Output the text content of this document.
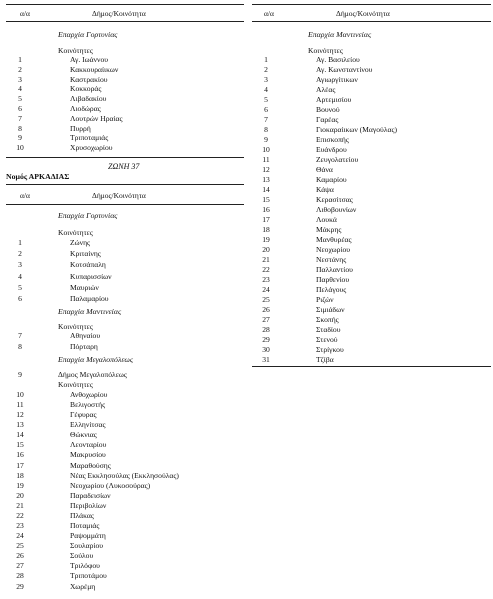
α/α	Δήμος/Κοινότητα
Επαρχία Γορτυνίας
Κοινότητες
1	Αγ. Ιωάννου
2	Κακκουραίικων
3	Καστρακίου
4	Κοκκοράς
5	Λιβαδακίου
6	Λιοδώρας
7	Λουτρών Ηραίας
8	Πυρρή
9	Τριποταμιάς
10	Χρυσοχωρίου
ΖΩΝΗ 37
Νομός ΑΡΚΑΔΙΑΣ
α/α	Δήμος/Κοινότητα
Επαρχία Γορτυνίας
Κοινότητες
1	Ζώνης
2	Κριταίνης
3	Κοτσάπαλη
4	Κυπαρισσίων
5	Μαυριών
6	Παλαμαρίου
Επαρχία Μαντινείας
Κοινότητες
7	Αθηναίου
8	Πόρταρη
Επαρχία Μεγαλοπόλεως
9	Δήμος Μεγαλοπόλεως
Κοινότητες
10	Ανθοχωρίου
11	Βελιγοστής
12	Γέφυρας
13	Ελληνίτσας
14	Θώκνιας
15	Λεονταρίου
16	Μακρυσίου
17	Μαραθούσης
18	Νέας Εκκλησούλας (Εκκλησούλας)
19	Νεοχωρίου (Λυκοσούρας)
20	Παραδεισίων
21	Περιβολίων
22	Πλάκας
23	Ποταμιάς
24	Ραψομμάτη
25	Σουλαρίου
26	Σούλου
27	Τριλόφου
28	Τριποτάμου
29	Χωρέμη
α/α	Δήμος/Κοινότητα
Επαρχία Μαντινείας
Κοινότητες
1	Αγ. Βασιλείου
2	Αγ. Κωνσταντίνου
3	Αγιωργίτικων
4	Αλέας
5	Αρτεμισίου
6	Βουνού
7	Γαρέας
8	Γιοκαραίικων (Μαγούλας)
9	Επισκοπής
10	Ευάνδρου
11	Ζευγολατείου
12	Θάνα
13	Καμαρίου
14	Κάψα
15	Κερασίτσας
16	Λιθοβουνίων
17	Λουκά
18	Μάκρης
19	Μανθυρέας
20	Νεοχωρίου
21	Νεστάνης
22	Παλλαντίου
23	Παρθενίου
24	Πελάγους
25	Ριζών
26	Σιμιάδων
27	Σκοπής
28	Σταδίου
29	Στενού
30	Στρίγκου
31	Τζίβα
